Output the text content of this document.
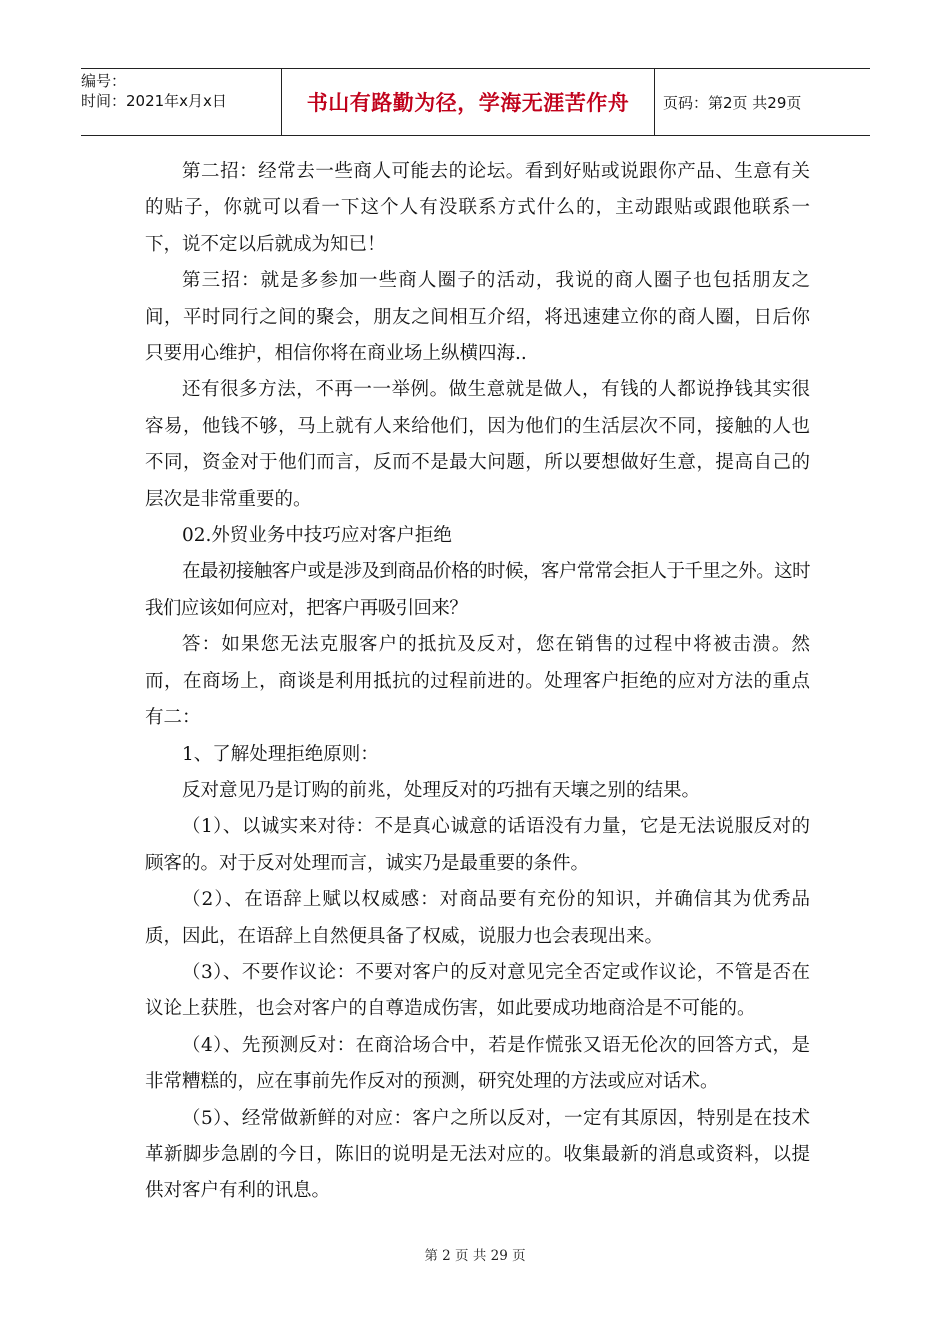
编号：
时间：2021年x月x日	书山有路勤为径，学海无涯苦作舟	页码：第2页 共29页

第二招：经常去一些商人可能去的论坛。看到好贴或说跟你产品、生意有关的贴子，你就可以看一下这个人有没联系方式什么的，主动跟贴或跟他联系一下，说不定以后就成为知已！

第三招：就是多参加一些商人圈子的活动，我说的商人圈子也包括朋友之间，平时同行之间的聚会，朋友之间相互介绍，将迅速建立你的商人圈，日后你只要用心维护，相信你将在商业场上纵横四海..

还有很多方法，不再一一举例。做生意就是做人，有钱的人都说挣钱其实很容易，他钱不够，马上就有人来给他们，因为他们的生活层次不同，接触的人也不同，资金对于他们而言，反而不是最大问题，所以要想做好生意，提高自己的层次是非常重要的。

02.外贸业务中技巧应对客户拒绝

在最初接触客户或是涉及到商品价格的时候，客户常常会拒人于千里之外。这时我们应该如何应对，把客户再吸引回来？

答：如果您无法克服客户的抵抗及反对，您在销售的过程中将被击溃。然而，在商场上，商谈是利用抵抗的过程前进的。处理客户拒绝的应对方法的重点有二：

1、了解处理拒绝原则：

反对意见乃是订购的前兆，处理反对的巧拙有天壤之别的结果。

（1）、以诚实来对待：不是真心诚意的话语没有力量，它是无法说服反对的顾客的。对于反对处理而言，诚实乃是最重要的条件。

（2）、在语辞上赋以权威感：对商品要有充份的知识，并确信其为优秀品质，因此，在语辞上自然便具备了权威，说服力也会表现出来。

（3）、不要作议论：不要对客户的反对意见完全否定或作议论，不管是否在议论上获胜，也会对客户的自尊造成伤害，如此要成功地商洽是不可能的。

（4）、先预测反对：在商洽场合中，若是作慌张又语无伦次的回答方式，是非常糟糕的，应在事前先作反对的预测，研究处理的方法或应对话术。

（5）、经常做新鲜的对应：客户之所以反对，一定有其原因，特别是在技术革新脚步急剧的今日，陈旧的说明是无法对应的。收集最新的消息或资料，以提供对客户有利的讯息。

第 2 页 共 29 页
